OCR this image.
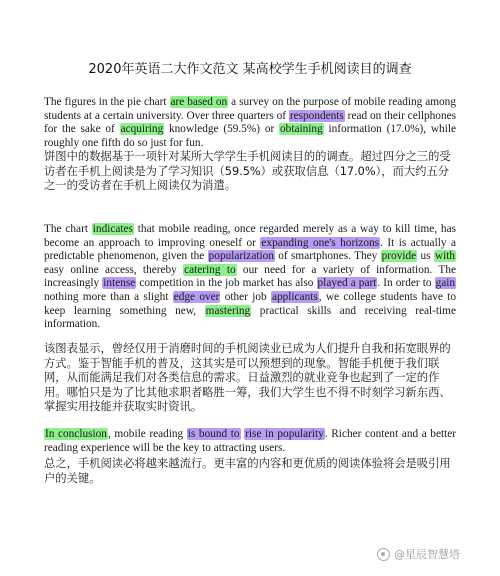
2020年英语二大作文范文 某高校学生手机阅读目的调查
The figures in the pie chart are based on a survey on the purpose of mobile reading among students at a certain university. Over three quarters of respondents read on their cellphones for the sake of acquiring knowledge (59.5%) or obtaining information (17.0%), while roughly one fifth do so just for fun.
饼图中的数据基于一项针对某所大学学生手机阅读目的的调查。超过四分之三的受访者在手机上阅读是为了学习知识（59.5%）或获取信息（17.0%），而大约五分之一的受访者在手机上阅读仅为消遣。
The chart indicates that mobile reading, once regarded merely as a way to kill time, has become an approach to improving oneself or expanding one's horizons. It is actually a predictable phenomenon, given the popularization of smartphones. They provide us with easy online access, thereby catering to our need for a variety of information. The increasingly intense competition in the job market has also played a part. In order to gain nothing more than a slight edge over other job applicants, we college students have to keep learning something new, mastering practical skills and receiving real-time information.
该图表显示，曾经仅用于消磨时间的手机阅读业已成为人们提升自我和拓宽眼界的方式。鉴于智能手机的普及，这其实是可以预想到的现象。智能手机便于我们联网，从而能满足我们对各类信息的需求。日益激烈的就业竞争也起到了一定的作用。哪怕只是为了比其他求职者略胜一筹，我们大学生也不得不时刻学习新东西、掌握实用技能并获取实时资讯。
In conclusion, mobile reading is bound to rise in popularity. Richer content and a better reading experience will be the key to attracting users.
总之，手机阅读必将越来越流行。更丰富的内容和更优质的阅读体验将会是吸引用户的关键。
@星辰智慧塔
